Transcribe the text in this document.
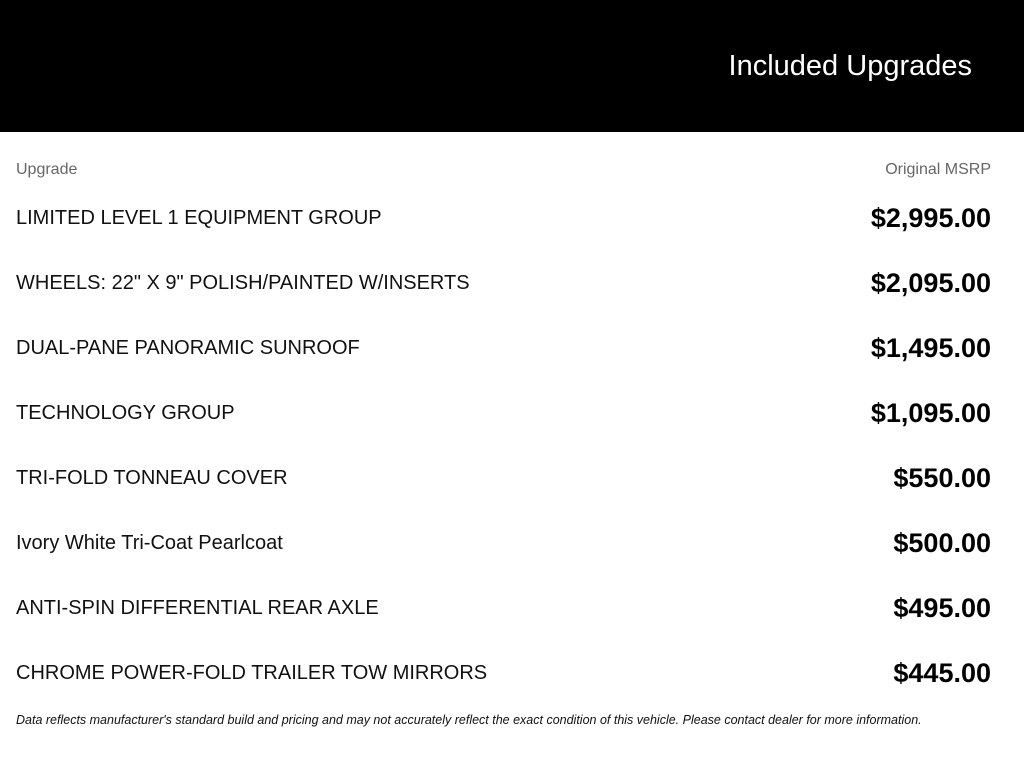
Included Upgrades
Upgrade	Original MSRP
LIMITED LEVEL 1 EQUIPMENT GROUP	$2,995.00
WHEELS: 22" X 9" POLISH/PAINTED W/INSERTS	$2,095.00
DUAL-PANE PANORAMIC SUNROOF	$1,495.00
TECHNOLOGY GROUP	$1,095.00
TRI-FOLD TONNEAU COVER	$550.00
Ivory White Tri-Coat Pearlcoat	$500.00
ANTI-SPIN DIFFERENTIAL REAR AXLE	$495.00
CHROME POWER-FOLD TRAILER TOW MIRRORS	$445.00
Data reflects manufacturer's standard build and pricing and may not accurately reflect the exact condition of this vehicle. Please contact dealer for more information.
